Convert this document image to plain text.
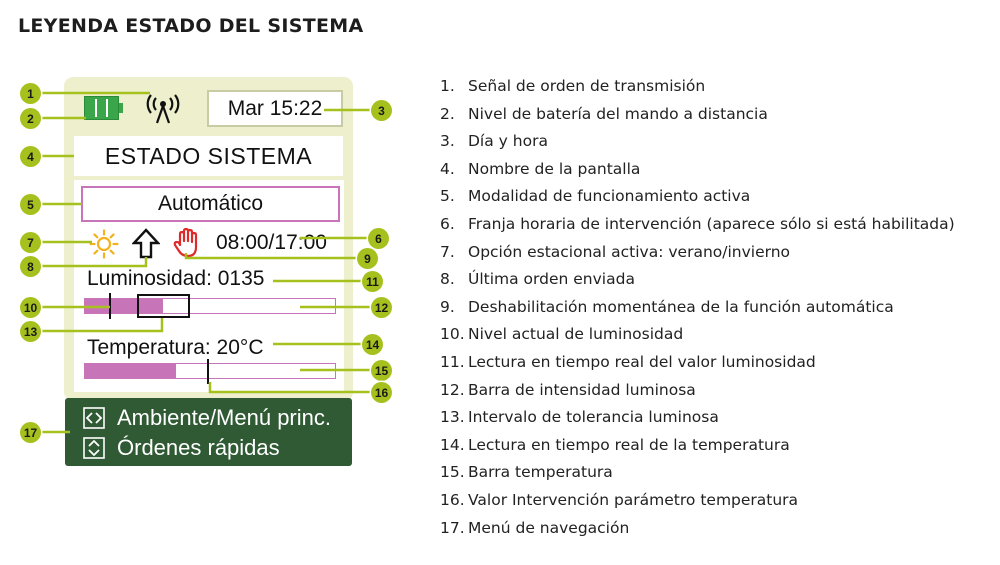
LEYENDA ESTADO DEL SISTEMA
Mar 15:22
ESTADO SISTEMA
Automático
08:00/17:00
Luminosidad: 0135
Temperatura: 20°C
Ambiente/Menú princ.
Órdenes rápidas
1
2
3
4
5
6
7
8
9
10
11
12
13
14
15
16
17
1. Señal de orden de transmisión
2. Nivel de batería del mando a distancia
3. Día y hora
4. Nombre de la pantalla
5. Modalidad de funcionamiento activa
6. Franja horaria de intervención (aparece sólo si está habilitada)
7. Opción estacional activa: verano/invierno
8. Última orden enviada
9. Deshabilitación momentánea de la función automática
10. Nivel actual de luminosidad
11. Lectura en tiempo real del valor luminosidad
12. Barra de intensidad luminosa
13. Intervalo de tolerancia luminosa
14. Lectura en tiempo real de la temperatura
15. Barra temperatura
16. Valor Intervención parámetro temperatura
17. Menú de navegación
